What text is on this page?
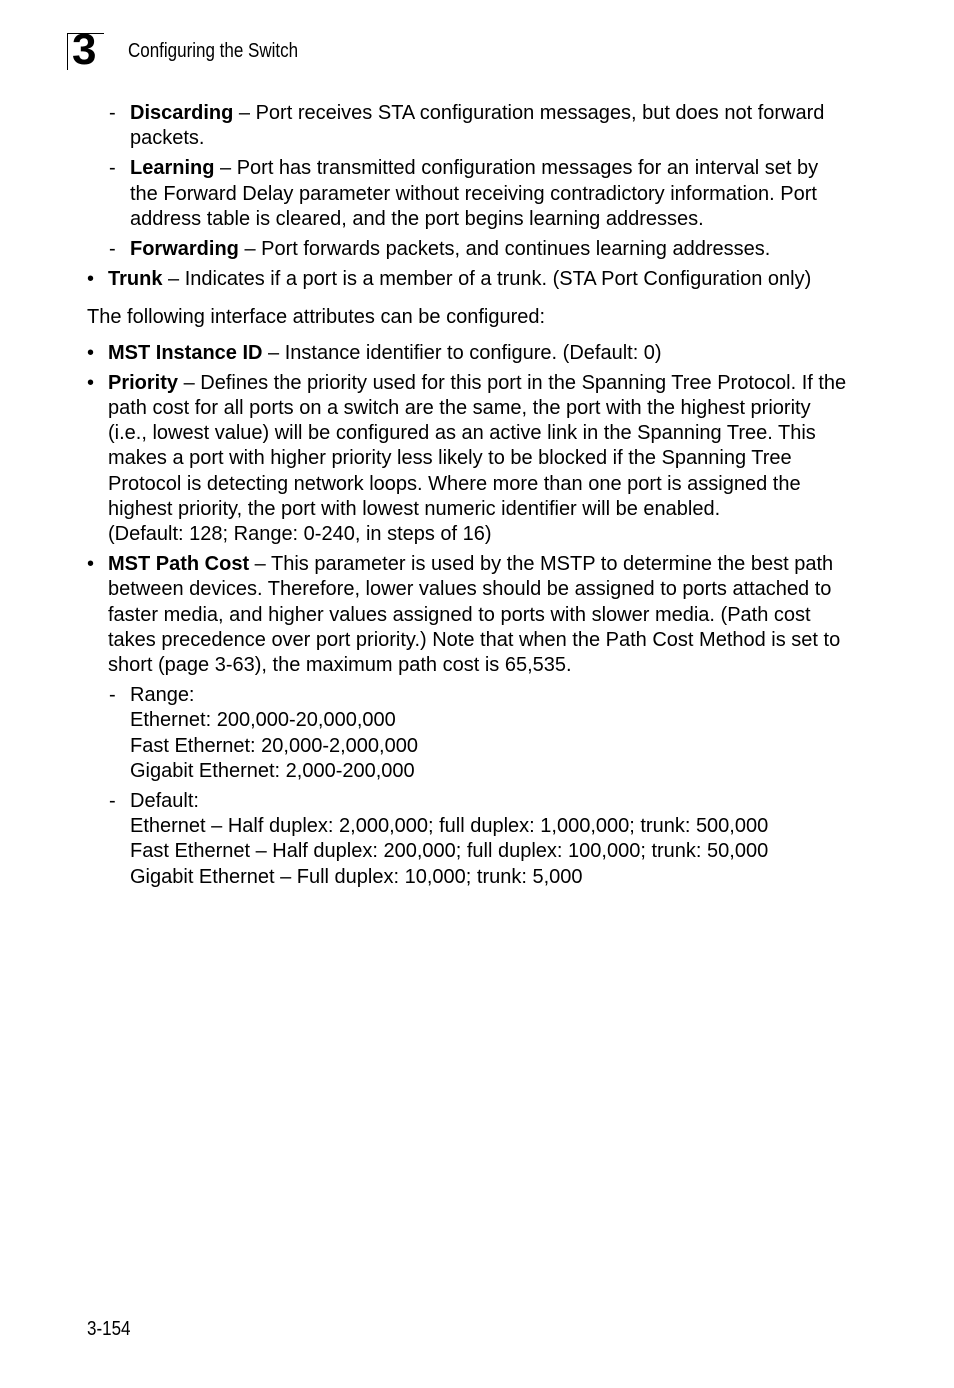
3 Configuring the Switch
- Discarding – Port receives STA configuration messages, but does not forward packets.
- Learning – Port has transmitted configuration messages for an interval set by the Forward Delay parameter without receiving contradictory information. Port address table is cleared, and the port begins learning addresses.
- Forwarding – Port forwards packets, and continues learning addresses.
• Trunk – Indicates if a port is a member of a trunk. (STA Port Configuration only)

The following interface attributes can be configured:

• MST Instance ID – Instance identifier to configure. (Default: 0)
• Priority – Defines the priority used for this port in the Spanning Tree Protocol. If the path cost for all ports on a switch are the same, the port with the highest priority (i.e., lowest value) will be configured as an active link in the Spanning Tree. This makes a port with higher priority less likely to be blocked if the Spanning Tree Protocol is detecting network loops. Where more than one port is assigned the highest priority, the port with lowest numeric identifier will be enabled.
(Default: 128; Range: 0-240, in steps of 16)
• MST Path Cost – This parameter is used by the MSTP to determine the best path between devices. Therefore, lower values should be assigned to ports attached to faster media, and higher values assigned to ports with slower media. (Path cost takes precedence over port priority.) Note that when the Path Cost Method is set to short (page 3-63), the maximum path cost is 65,535.
- Range:
Ethernet: 200,000-20,000,000
Fast Ethernet: 20,000-2,000,000
Gigabit Ethernet: 2,000-200,000
- Default:
Ethernet – Half duplex: 2,000,000; full duplex: 1,000,000; trunk: 500,000
Fast Ethernet – Half duplex: 200,000; full duplex: 100,000; trunk: 50,000
Gigabit Ethernet – Full duplex: 10,000; trunk: 5,000
3-154
